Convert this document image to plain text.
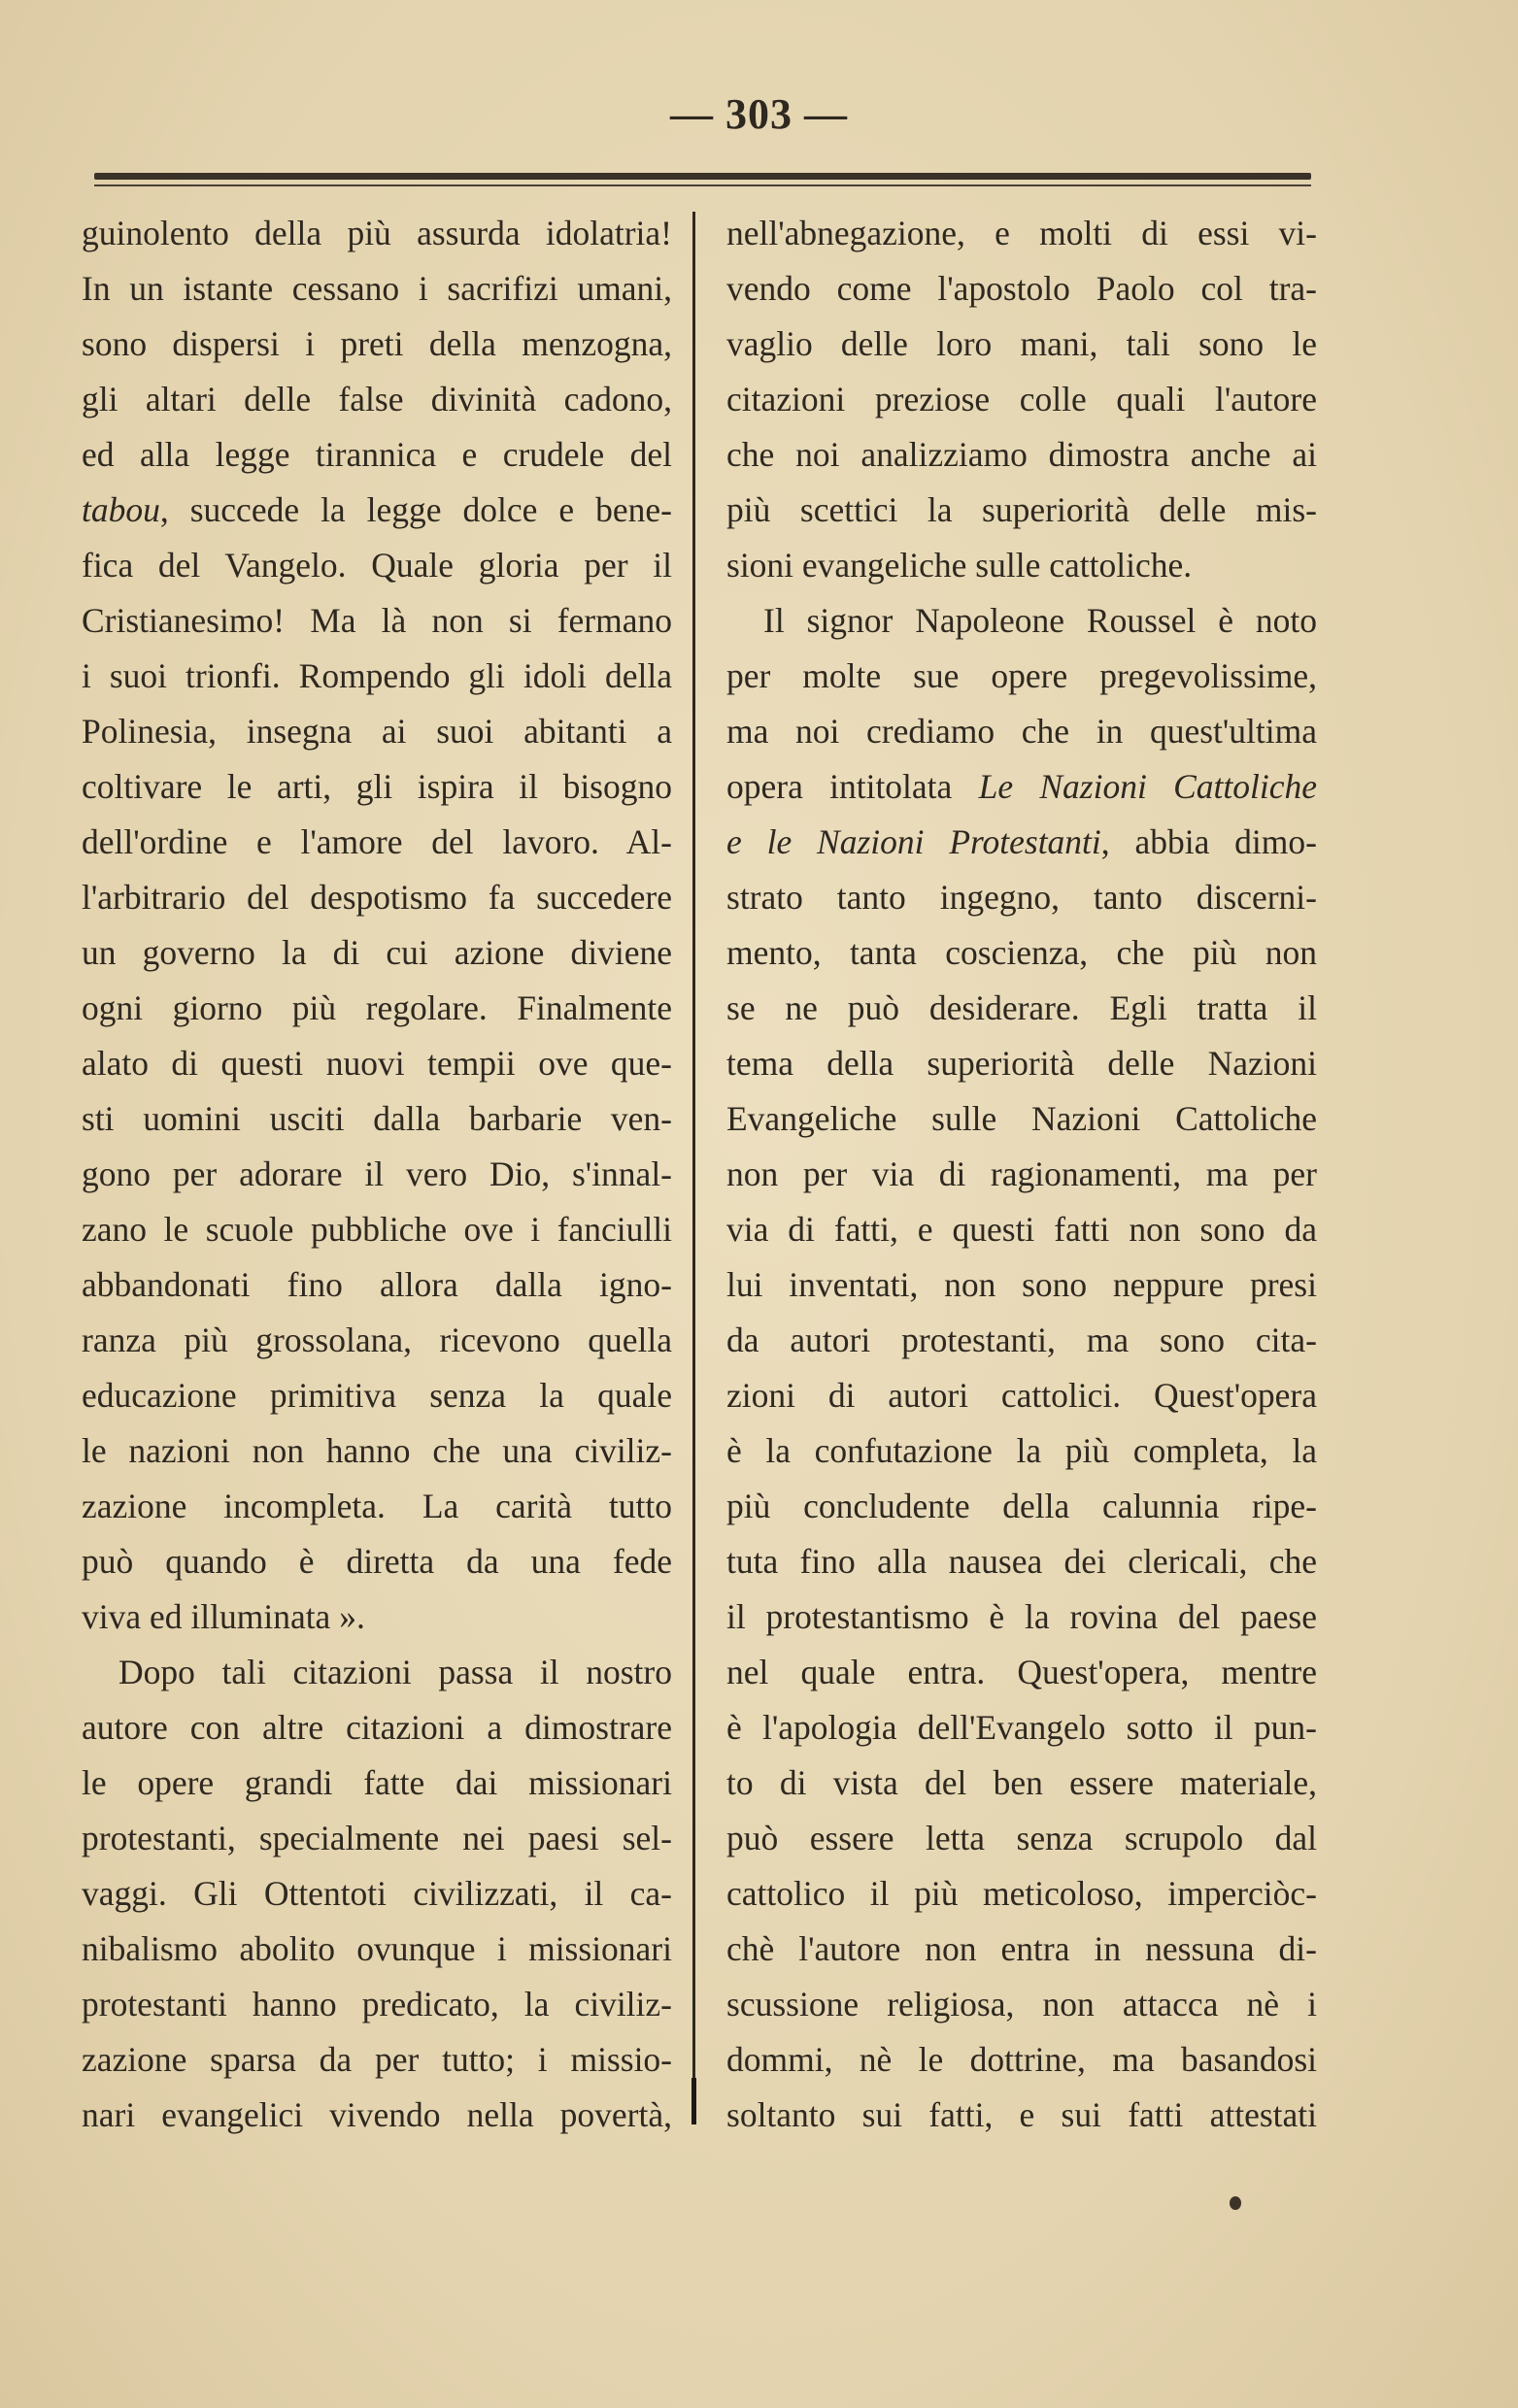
— 303 —
guinolento della più assurda idolatria!
In un istante cessano i sacrifizi umani,
sono dispersi i preti della menzogna,
gli altari delle false divinità cadono,
ed alla legge tirannica e crudele del
tabou, succede la legge dolce e bene-
fica del Vangelo. Quale gloria per il
Cristianesimo! Ma là non si fermano
i suoi trionfi. Rompendo gli idoli della
Polinesia, insegna ai suoi abitanti a
coltivare le arti, gli ispira il bisogno
dell'ordine e l'amore del lavoro. Al-
l'arbitrario del despotismo fa succedere
un governo la di cui azione diviene
ogni giorno più regolare. Finalmente
alato di questi nuovi tempii ove que-
sti uomini usciti dalla barbarie ven-
gono per adorare il vero Dio, s'innal-
zano le scuole pubbliche ove i fanciulli
abbandonati fino allora dalla igno-
ranza più grossolana, ricevono quella
educazione primitiva senza la quale
le nazioni non hanno che una civiliz-
zazione incompleta. La carità tutto
può quando è diretta da una fede
viva ed illuminata ».
Dopo tali citazioni passa il nostro
autore con altre citazioni a dimostrare
le opere grandi fatte dai missionari
protestanti, specialmente nei paesi sel-
vaggi. Gli Ottentoti civilizzati, il ca-
nibalismo abolito ovunque i missionari
protestanti hanno predicato, la civiliz-
zazione sparsa da per tutto; i missio-
nari evangelici vivendo nella povertà,
nell'abnegazione, e molti di essi vi-
vendo come l'apostolo Paolo col tra-
vaglio delle loro mani, tali sono le
citazioni preziose colle quali l'autore
che noi analizziamo dimostra anche ai
più scettici la superiorità delle mis-
sioni evangeliche sulle cattoliche.
Il signor Napoleone Roussel è noto
per molte sue opere pregevolissime,
ma noi crediamo che in quest'ultima
opera intitolata Le Nazioni Cattoliche
e le Nazioni Protestanti, abbia dimo-
strato tanto ingegno, tanto discerni-
mento, tanta coscienza, che più non
se ne può desiderare. Egli tratta il
tema della superiorità delle Nazioni
Evangeliche sulle Nazioni Cattoliche
non per via di ragionamenti, ma per
via di fatti, e questi fatti non sono da
lui inventati, non sono neppure presi
da autori protestanti, ma sono cita-
zioni di autori cattolici. Quest'opera
è la confutazione la più completa, la
più concludente della calunnia ripe-
tuta fino alla nausea dei clericali, che
il protestantismo è la rovina del paese
nel quale entra. Quest'opera, mentre
è l'apologia dell'Evangelo sotto il pun-
to di vista del ben essere materiale,
può essere letta senza scrupolo dal
cattolico il più meticoloso, imperciòc-
chè l'autore non entra in nessuna di-
scussione religiosa, non attacca nè i
dommi, nè le dottrine, ma basandosi
soltanto sui fatti, e sui fatti attestati
